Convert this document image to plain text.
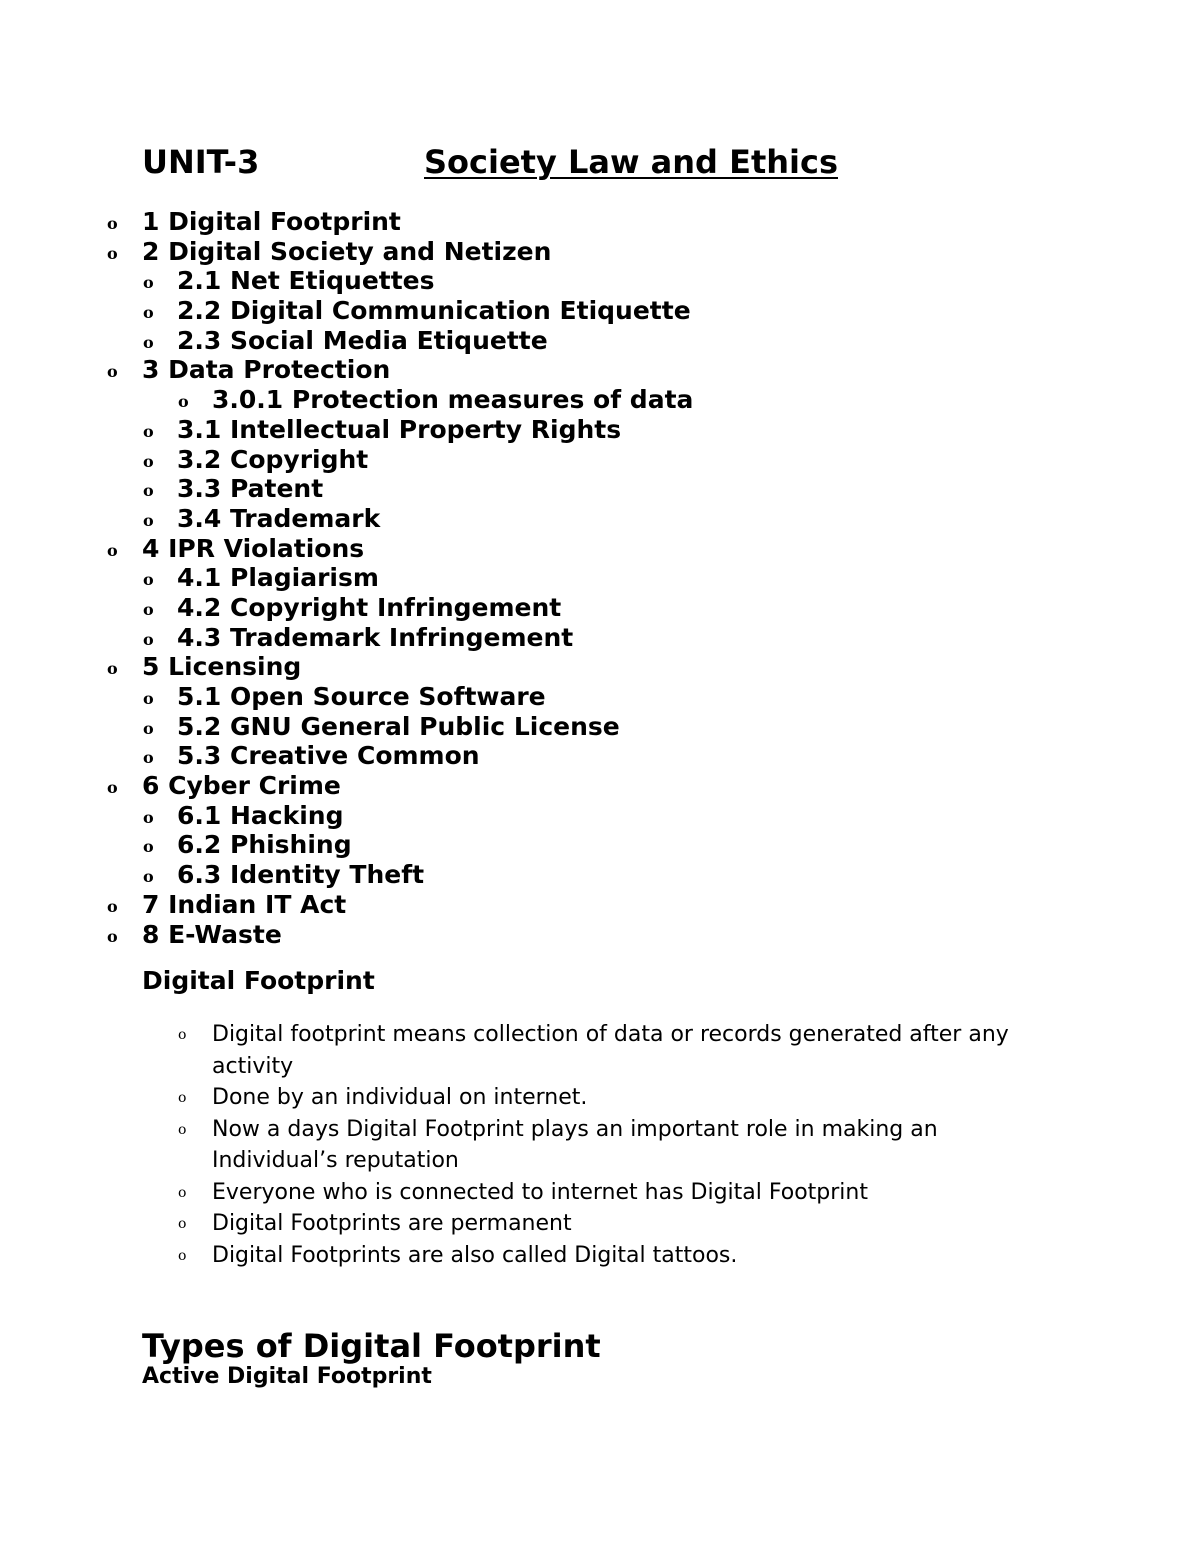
UNIT-3	Society Law and Ethics
o 1 Digital Footprint
o 2 Digital Society and Netizen
o 2.1 Net Etiquettes
o 2.2 Digital Communication Etiquette
o 2.3 Social Media Etiquette
o 3 Data Protection
o 3.0.1 Protection measures of data
o 3.1 Intellectual Property Rights
o 3.2 Copyright
o 3.3 Patent
o 3.4 Trademark
o 4 IPR Violations
o 4.1 Plagiarism
o 4.2 Copyright Infringement
o 4.3 Trademark Infringement
o 5 Licensing
o 5.1 Open Source Software
o 5.2 GNU General Public License
o 5.3 Creative Common
o 6 Cyber Crime
o 6.1 Hacking
o 6.2 Phishing
o 6.3 Identity Theft
o 7 Indian IT Act
o 8 E-Waste
Digital Footprint
o Digital footprint means collection of data or records generated after any activity
o Done by an individual on internet.
o Now a days Digital Footprint plays an important role in making an Individual’s reputation
o Everyone who is connected to internet has Digital Footprint
o Digital Footprints are permanent
o Digital Footprints are also called Digital tattoos.
Types of Digital Footprint
Active Digital Footprint
